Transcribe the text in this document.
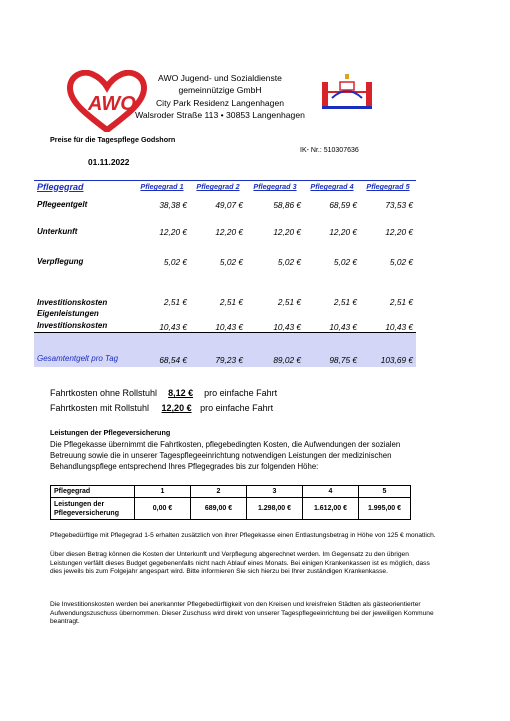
AWO
AWO Jugend- und Sozialdienste
gemeinnützige GmbH
City Park Residenz Langenhagen
Walsroder Straße 113 • 30853 Langenhagen
Preise für die Tagespflege Godshorn
IK- Nr.: 510307636
01.11.2022
Pflegegrad	Pflegegrad 1	Pflegegrad 2	Pflegegrad 3	Pflegegrad 4	Pflegegrad 5
Pflegeentgelt	38,38 €	49,07 €	58,86 €	68,59 €	73,53 €
Unterkunft	12,20 €	12,20 €	12,20 €	12,20 €	12,20 €
Verpflegung	5,02 €	5,02 €	5,02 €	5,02 €	5,02 €
Investitionskosten	2,51 €	2,51 €	2,51 €	2,51 €	2,51 €

Eigenleistungen
Investitionskosten	10,43 €	10,43 €	10,43 €	10,43 €	10,43 €
Gesamtentgelt pro Tag	68,54 €	79,23 €	89,02 €	98,75 €	103,69 €
Fahrtkosten ohne Rollstuhl 8,12 € pro einfache Fahrt
Fahrtkosten mit Rollstuhl 12,20 € pro einfache Fahrt
Leistungen der Pflegeversicherung
Die Pflegekasse übernimmt die Fahrtkosten, pflegebedingten Kosten, die Aufwendungen der sozialen Betreuung sowie die in unserer Tagespflegeeinrichtung notwendigen Leistungen der medizinischen Behandlungspflege entsprechend Ihres Pflegegrades bis zur folgenden Höhe:
Pflegegrad	1	2	3	4	5
Leistungen der Pflegeversicherung	0,00 €	689,00 €	1.298,00 €	1.612,00 €	1.995,00 €
Pflegebedürftige mit Pflegegrad 1-5 erhalten zusätzlich von ihrer Pflegekasse einen Entlastungsbetrag in Höhe von 125 € monatlich.
Über diesen Betrag können die Kosten der Unterkunft und Verpflegung abgerechnet werden. Im Gegensatz zu den übrigen Leistungen verfällt dieses Budget gegebenenfalls nicht nach Ablauf eines Monats. Bei einigen Krankenkassen ist es möglich, dass dies jeweils bis zum Folgejahr angespart wird. Bitte informieren Sie sich hierzu bei Ihrer zuständigen Krankenkasse.
Die Investitionskosten werden bei anerkannter Pflegebedürftigkeit von den Kreisen und kreisfreien Städten als gästeorientierter Aufwendungszuschuss übernommen. Dieser Zuschuss wird direkt von unserer Tagespflegeeinrichtung bei der jeweiligen Kommune beantragt.
